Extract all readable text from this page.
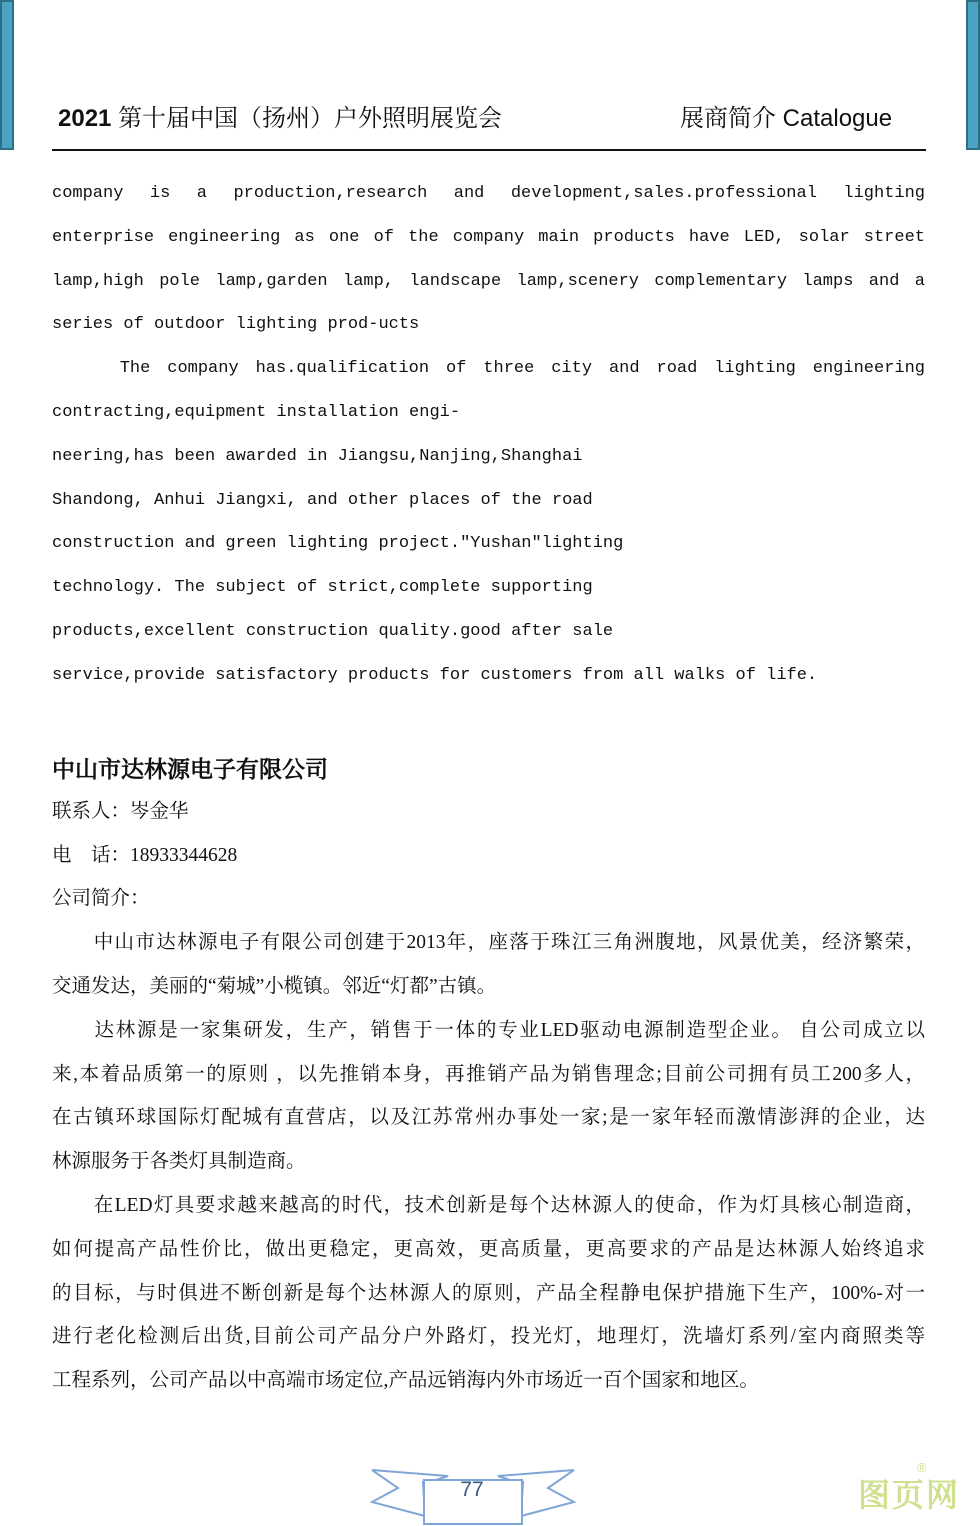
2021 第十届中国（扬州）户外照明展览会	展商简介 Catalogue
company is a production,research and development,sales.professional lighting
enterprise engineering as one of the company main products have LED, solar street
lamp,high pole lamp,garden lamp, landscape lamp,scenery complementary lamps and a
series of outdoor lighting prod-ucts
The company has.qualification of three city and road lighting engineering
contracting,equipment installation engi-
neering,has been awarded in Jiangsu,Nanjing,Shanghai
Shandong, Anhui Jiangxi, and other places of the road
construction and green lighting project."Yushan"lighting
technology. The subject of strict,complete supporting
products,excellent construction quality.good after sale
service,provide satisfactory products for customers from all walks of life.
中山市达林源电子有限公司
联系人：岑金华
电　话：18933344628
公司简介：
　　中山市达林源电子有限公司创建于2013年，座落于珠江三角洲腹地，风景优美，经济繁荣，
交通发达，美丽的“菊城”小榄镇。邻近“灯都”古镇。
　　达林源是一家集研发，生产，销售于一体的专业LED驱动电源制造型企业。 自公司成立以
来,本着品质第一的原则 ，以先推销本身，再推销产品为销售理念;目前公司拥有员工200多人，
在古镇环球国际灯配城有直营店，以及江苏常州办事处一家;是一家年轻而激情澎湃的企业，达
林源服务于各类灯具制造商。
　　在LED灯具要求越来越高的时代，技术创新是每个达林源人的使命，作为灯具核心制造商，
如何提高产品性价比，做出更稳定，更高效，更高质量，更高要求的产品是达林源人始终追求
的目标，与时俱进不断创新是每个达林源人的原则，产品全程静电保护措施下生产，100%-对一
进行老化检测后出货,目前公司产品分户外路灯，投光灯，地理灯，洗墙灯系列/室内商照类等
工程系列，公司产品以中高端市场定位,产品远销海内外市场近一百个国家和地区。
77	图页网
®
